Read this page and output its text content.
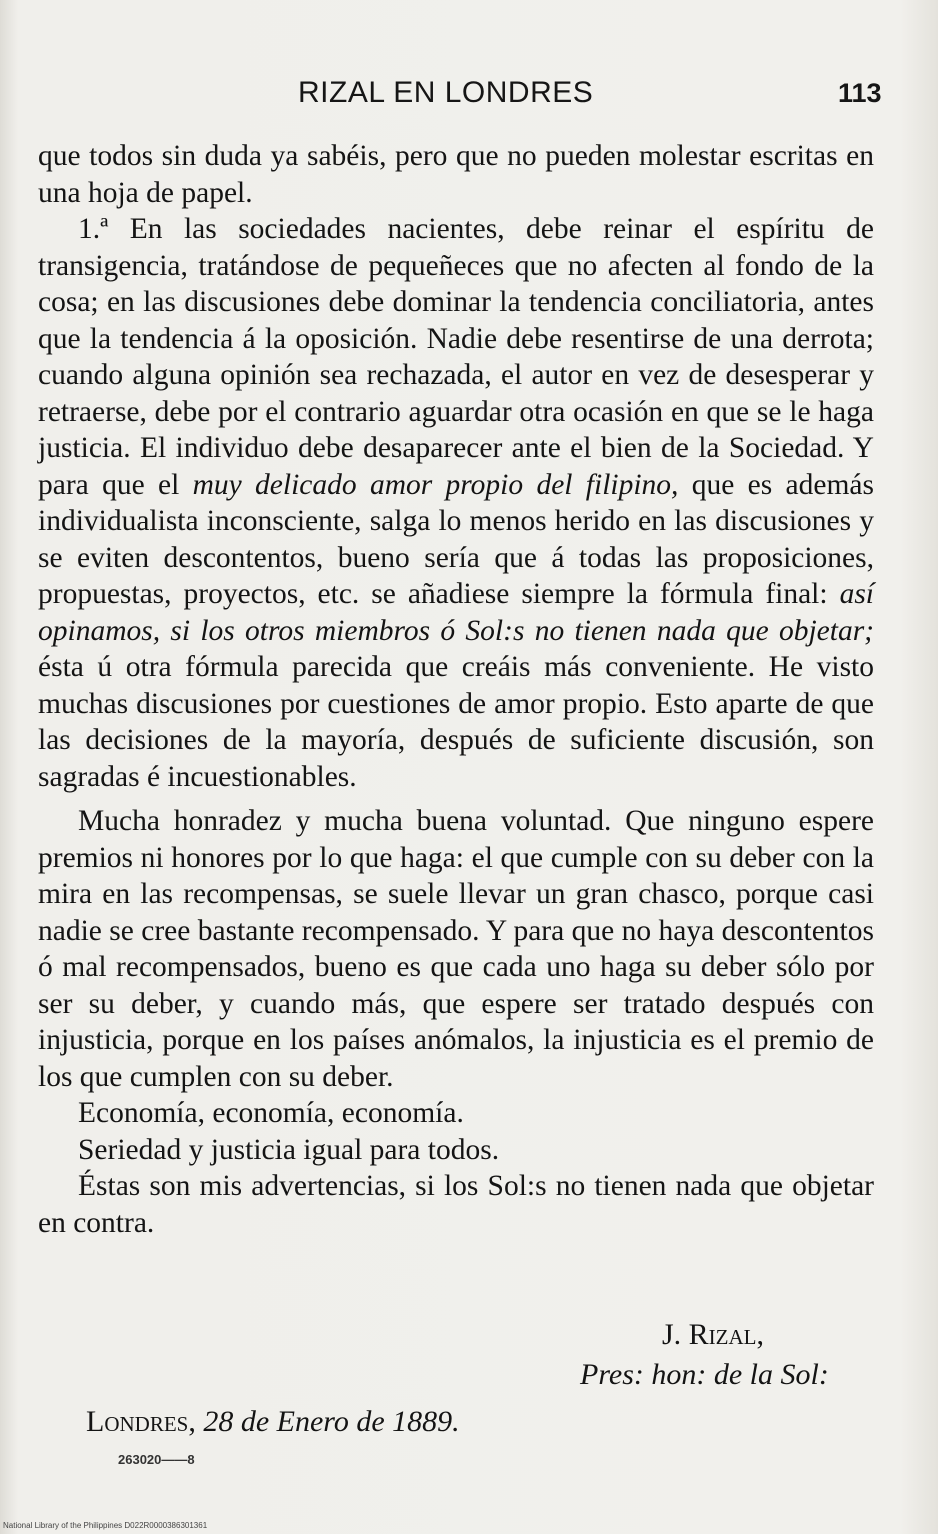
RIZAL EN LONDRES	113

que todos sin duda ya sabéis, pero que no pueden molestar escritas en una hoja de papel.

1.ª En las sociedades nacientes, debe reinar el espíritu de transigencia, tratándose de pequeñeces que no afecten al fondo de la cosa; en las discusiones debe dominar la tendencia conciliatoria, antes que la tendencia á la oposición. Nadie debe resentirse de una derrota; cuando alguna opinión sea rechazada, el autor en vez de desesperar y retraerse, debe por el contrario aguardar otra ocasión en que se le haga justicia. El individuo debe desaparecer ante el bien de la Sociedad. Y para que el muy delicado amor propio del filipino, que es además individualista inconsciente, salga lo menos herido en las discusiones y se eviten descontentos, bueno sería que á todas las proposiciones, propuestas, proyectos, etc. se añadiese siempre la fórmula final: así opinamos, si los otros miembros ó Sol:s no tienen nada que objetar; ésta ú otra fórmula parecida que creáis más conveniente. He visto muchas discusiones por cuestiones de amor propio. Esto aparte de que las decisiones de la mayoría, después de suficiente discusión, son sagradas é incuestionables.

Mucha honradez y mucha buena voluntad. Que ninguno espere premios ni honores por lo que haga: el que cumple con su deber con la mira en las recompensas, se suele llevar un gran chasco, porque casi nadie se cree bastante recompensado. Y para que no haya descontentos ó mal recompensados, bueno es que cada uno haga su deber sólo por ser su deber, y cuando más, que espere ser tratado después con injusticia, porque en los países anómalos, la injusticia es el premio de los que cumplen con su deber.

Economía, economía, economía.

Seriedad y justicia igual para todos.

Éstas son mis advertencias, si los Sol:s no tienen nada que objetar en contra.

J. Rizal,
Pres: hon: de la Sol:
Londres, 28 de Enero de 1889.
263020——8
National Library of the Philippines D022R0000386301361
